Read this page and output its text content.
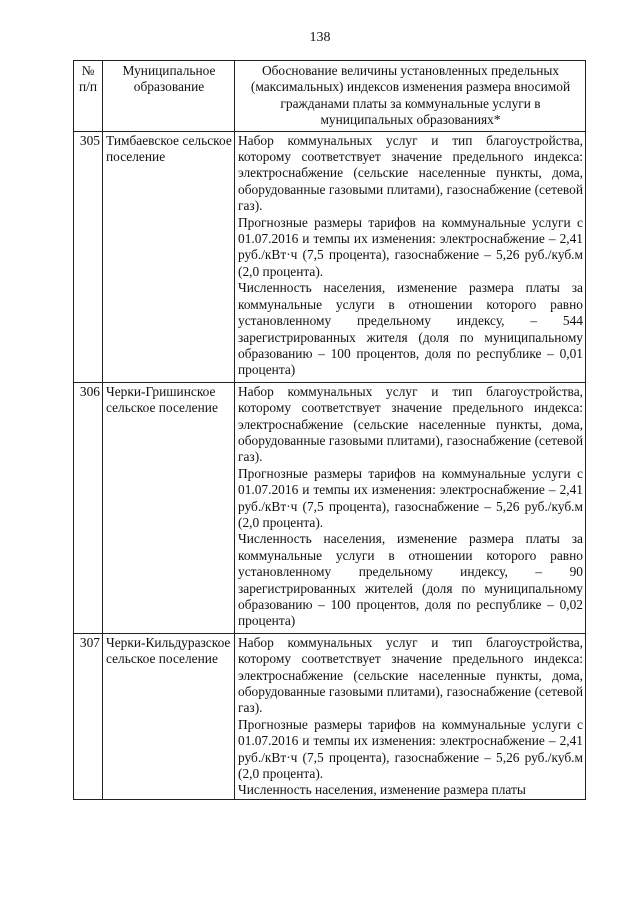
138
№ п/п	Муниципальное образование	Обоснование величины установленных предельных (максимальных) индексов изменения размера вносимой гражданами платы за коммунальные услуги в муниципальных образованиях*
305	Тимбаевское сельское поселение	Набор коммунальных услуг и тип благоустройства, которому соответствует значение предельного индекса: электроснабжение (сельские населенные пункты, дома, оборудованные газовыми плитами), газоснабжение (сетевой газ).

Прогнозные размеры тарифов на коммунальные услуги с 01.07.2016 и темпы их изменения: электроснабжение – 2,41 руб./кВт·ч (7,5 процента), газоснабжение – 5,26 руб./куб.м (2,0 процента).

Численность населения, изменение размера платы за коммунальные услуги в отношении которого равно установленному предельному индексу, – 544 зарегистрированных жителя (доля по муниципальному образованию – 100 процентов, доля по республике – 0,01 процента)

306	Черки-Гришинское сельское поселение	Набор коммунальных услуг и тип благоустройства, которому соответствует значение предельного индекса: электроснабжение (сельские населенные пункты, дома, оборудованные газовыми плитами), газоснабжение (сетевой газ).

Прогнозные размеры тарифов на коммунальные услуги с 01.07.2016 и темпы их изменения: электроснабжение – 2,41 руб./кВт·ч (7,5 процента), газоснабжение – 5,26 руб./куб.м (2,0 процента).

Численность населения, изменение размера платы за коммунальные услуги в отношении которого равно установленному предельному индексу, – 90 зарегистрированных жителей (доля по муниципальному образованию – 100 процентов, доля по республике – 0,02 процента)

307	Черки-Кильдуразское сельское поселение	Набор коммунальных услуг и тип благоустройства, которому соответствует значение предельного индекса: электроснабжение (сельские населенные пункты, дома, оборудованные газовыми плитами), газоснабжение (сетевой газ).

Прогнозные размеры тарифов на коммунальные услуги с 01.07.2016 и темпы их изменения: электроснабжение – 2,41 руб./кВт·ч (7,5 процента), газоснабжение – 5,26 руб./куб.м (2,0 процента).

Численность населения, изменение размера платы
